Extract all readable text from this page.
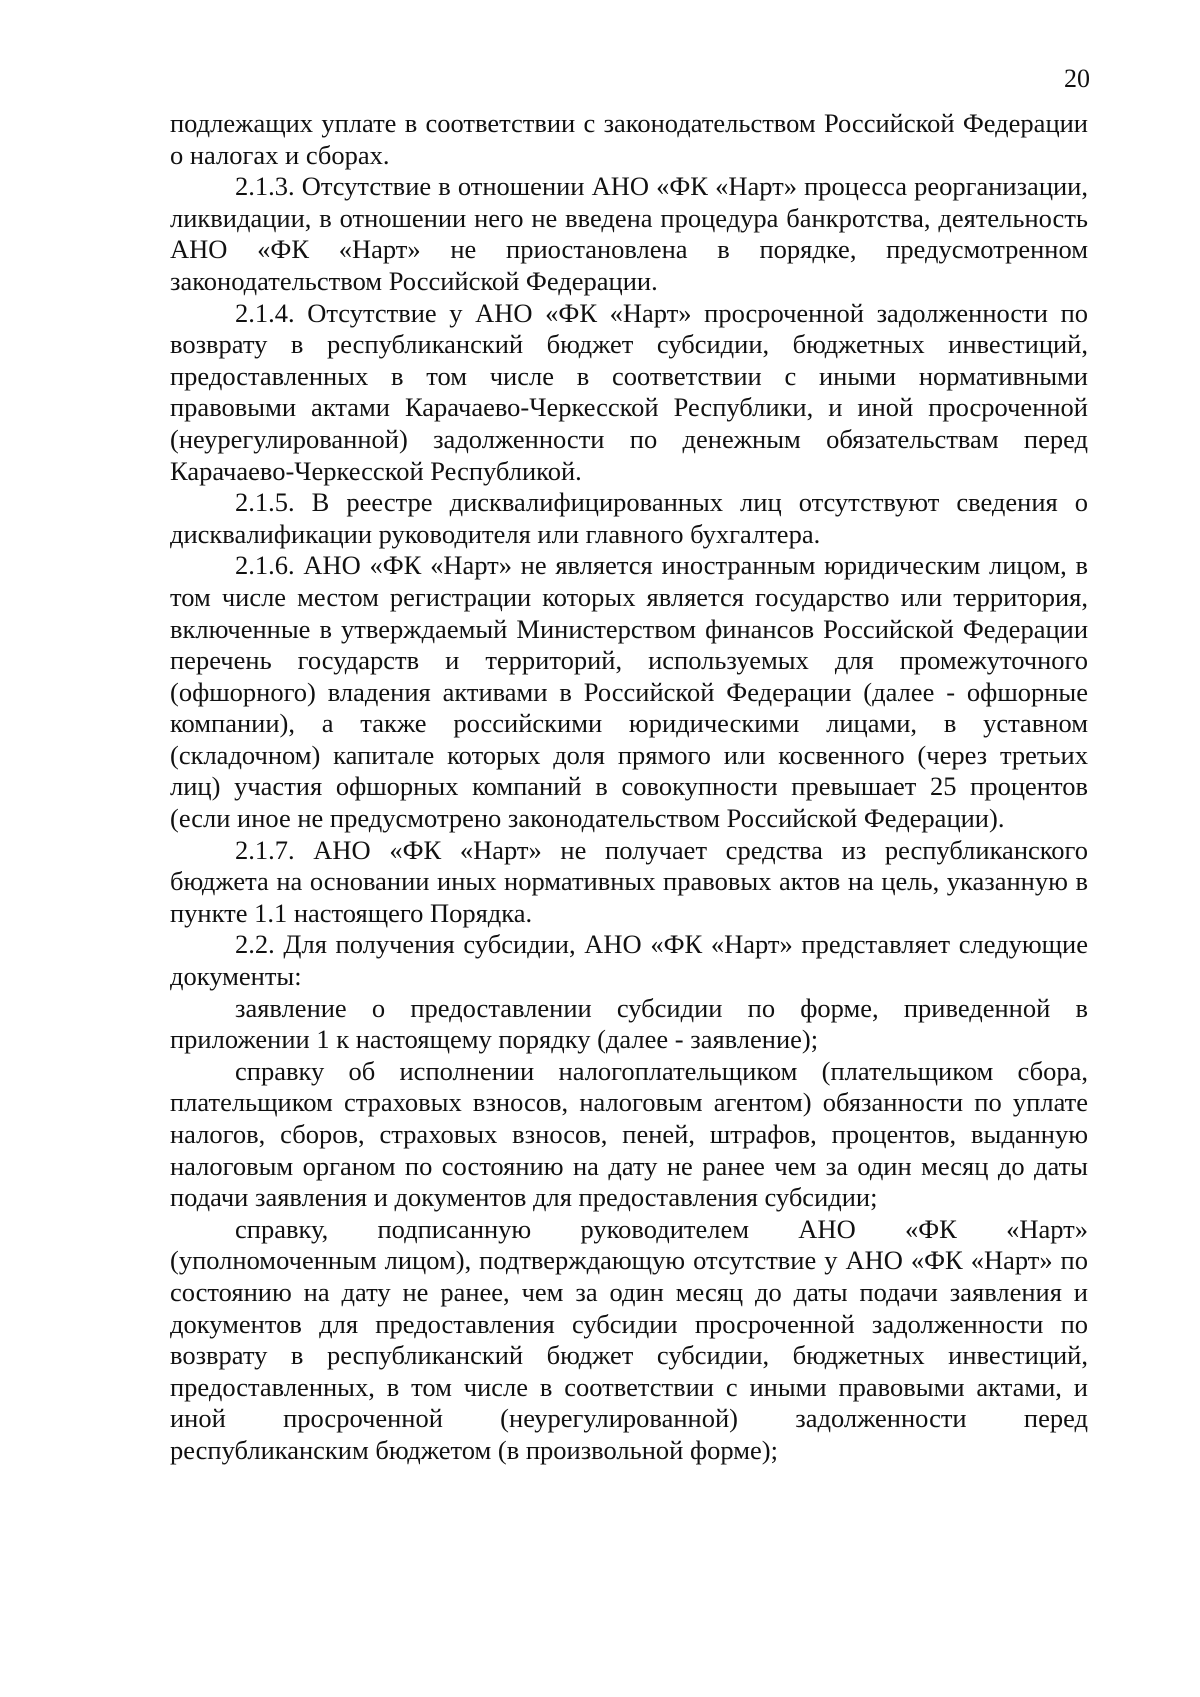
20

подлежащих уплате в соответствии с законодательством Российской Федерации о налогах и сборах.

2.1.3. Отсутствие в отношении АНО «ФК «Нарт» процесса реорганизации, ликвидации, в отношении него не введена процедура банкротства, деятельность АНО «ФК «Нарт» не приостановлена в порядке, предусмотренном законодательством Российской Федерации.

2.1.4. Отсутствие у АНО «ФК «Нарт» просроченной задолженности по возврату в республиканский бюджет субсидии, бюджетных инвестиций, предоставленных в том числе в соответствии с иными нормативными правовыми актами Карачаево-Черкесской Республики, и иной просроченной (неурегулированной) задолженности по денежным обязательствам перед Карачаево-Черкесской Республикой.

2.1.5. В реестре дисквалифицированных лиц отсутствуют сведения о дисквалификации руководителя или главного бухгалтера.

2.1.6. АНО «ФК «Нарт» не является иностранным юридическим лицом, в том числе местом регистрации которых является государство или территория, включенные в утверждаемый Министерством финансов Российской Федерации перечень государств и территорий, используемых для промежуточного (офшорного) владения активами в Российской Федерации (далее - офшорные компании), а также российскими юридическими лицами, в уставном (складочном) капитале которых доля прямого или косвенного (через третьих лиц) участия офшорных компаний в совокупности превышает 25 процентов (если иное не предусмотрено законодательством Российской Федерации).

2.1.7. АНО «ФК «Нарт» не получает средства из республиканского бюджета на основании иных нормативных правовых актов на цель, указанную в пункте 1.1 настоящего Порядка.

2.2. Для получения субсидии, АНО «ФК «Нарт» представляет следующие документы:

заявление о предоставлении субсидии по форме, приведенной в приложении 1 к настоящему порядку (далее - заявление);

справку об исполнении налогоплательщиком (плательщиком сбора, плательщиком страховых взносов, налоговым агентом) обязанности по уплате налогов, сборов, страховых взносов, пеней, штрафов, процентов, выданную налоговым органом по состоянию на дату не ранее чем за один месяц до даты подачи заявления и документов для предоставления субсидии;

справку, подписанную руководителем АНО «ФК «Нарт» (уполномоченным лицом), подтверждающую отсутствие у АНО «ФК «Нарт» по состоянию на дату не ранее, чем за один месяц до даты подачи заявления и документов для предоставления субсидии просроченной задолженности по возврату в республиканский бюджет субсидии, бюджетных инвестиций, предоставленных, в том числе в соответствии с иными правовыми актами, и иной просроченной (неурегулированной) задолженности перед республиканским бюджетом (в произвольной форме);
